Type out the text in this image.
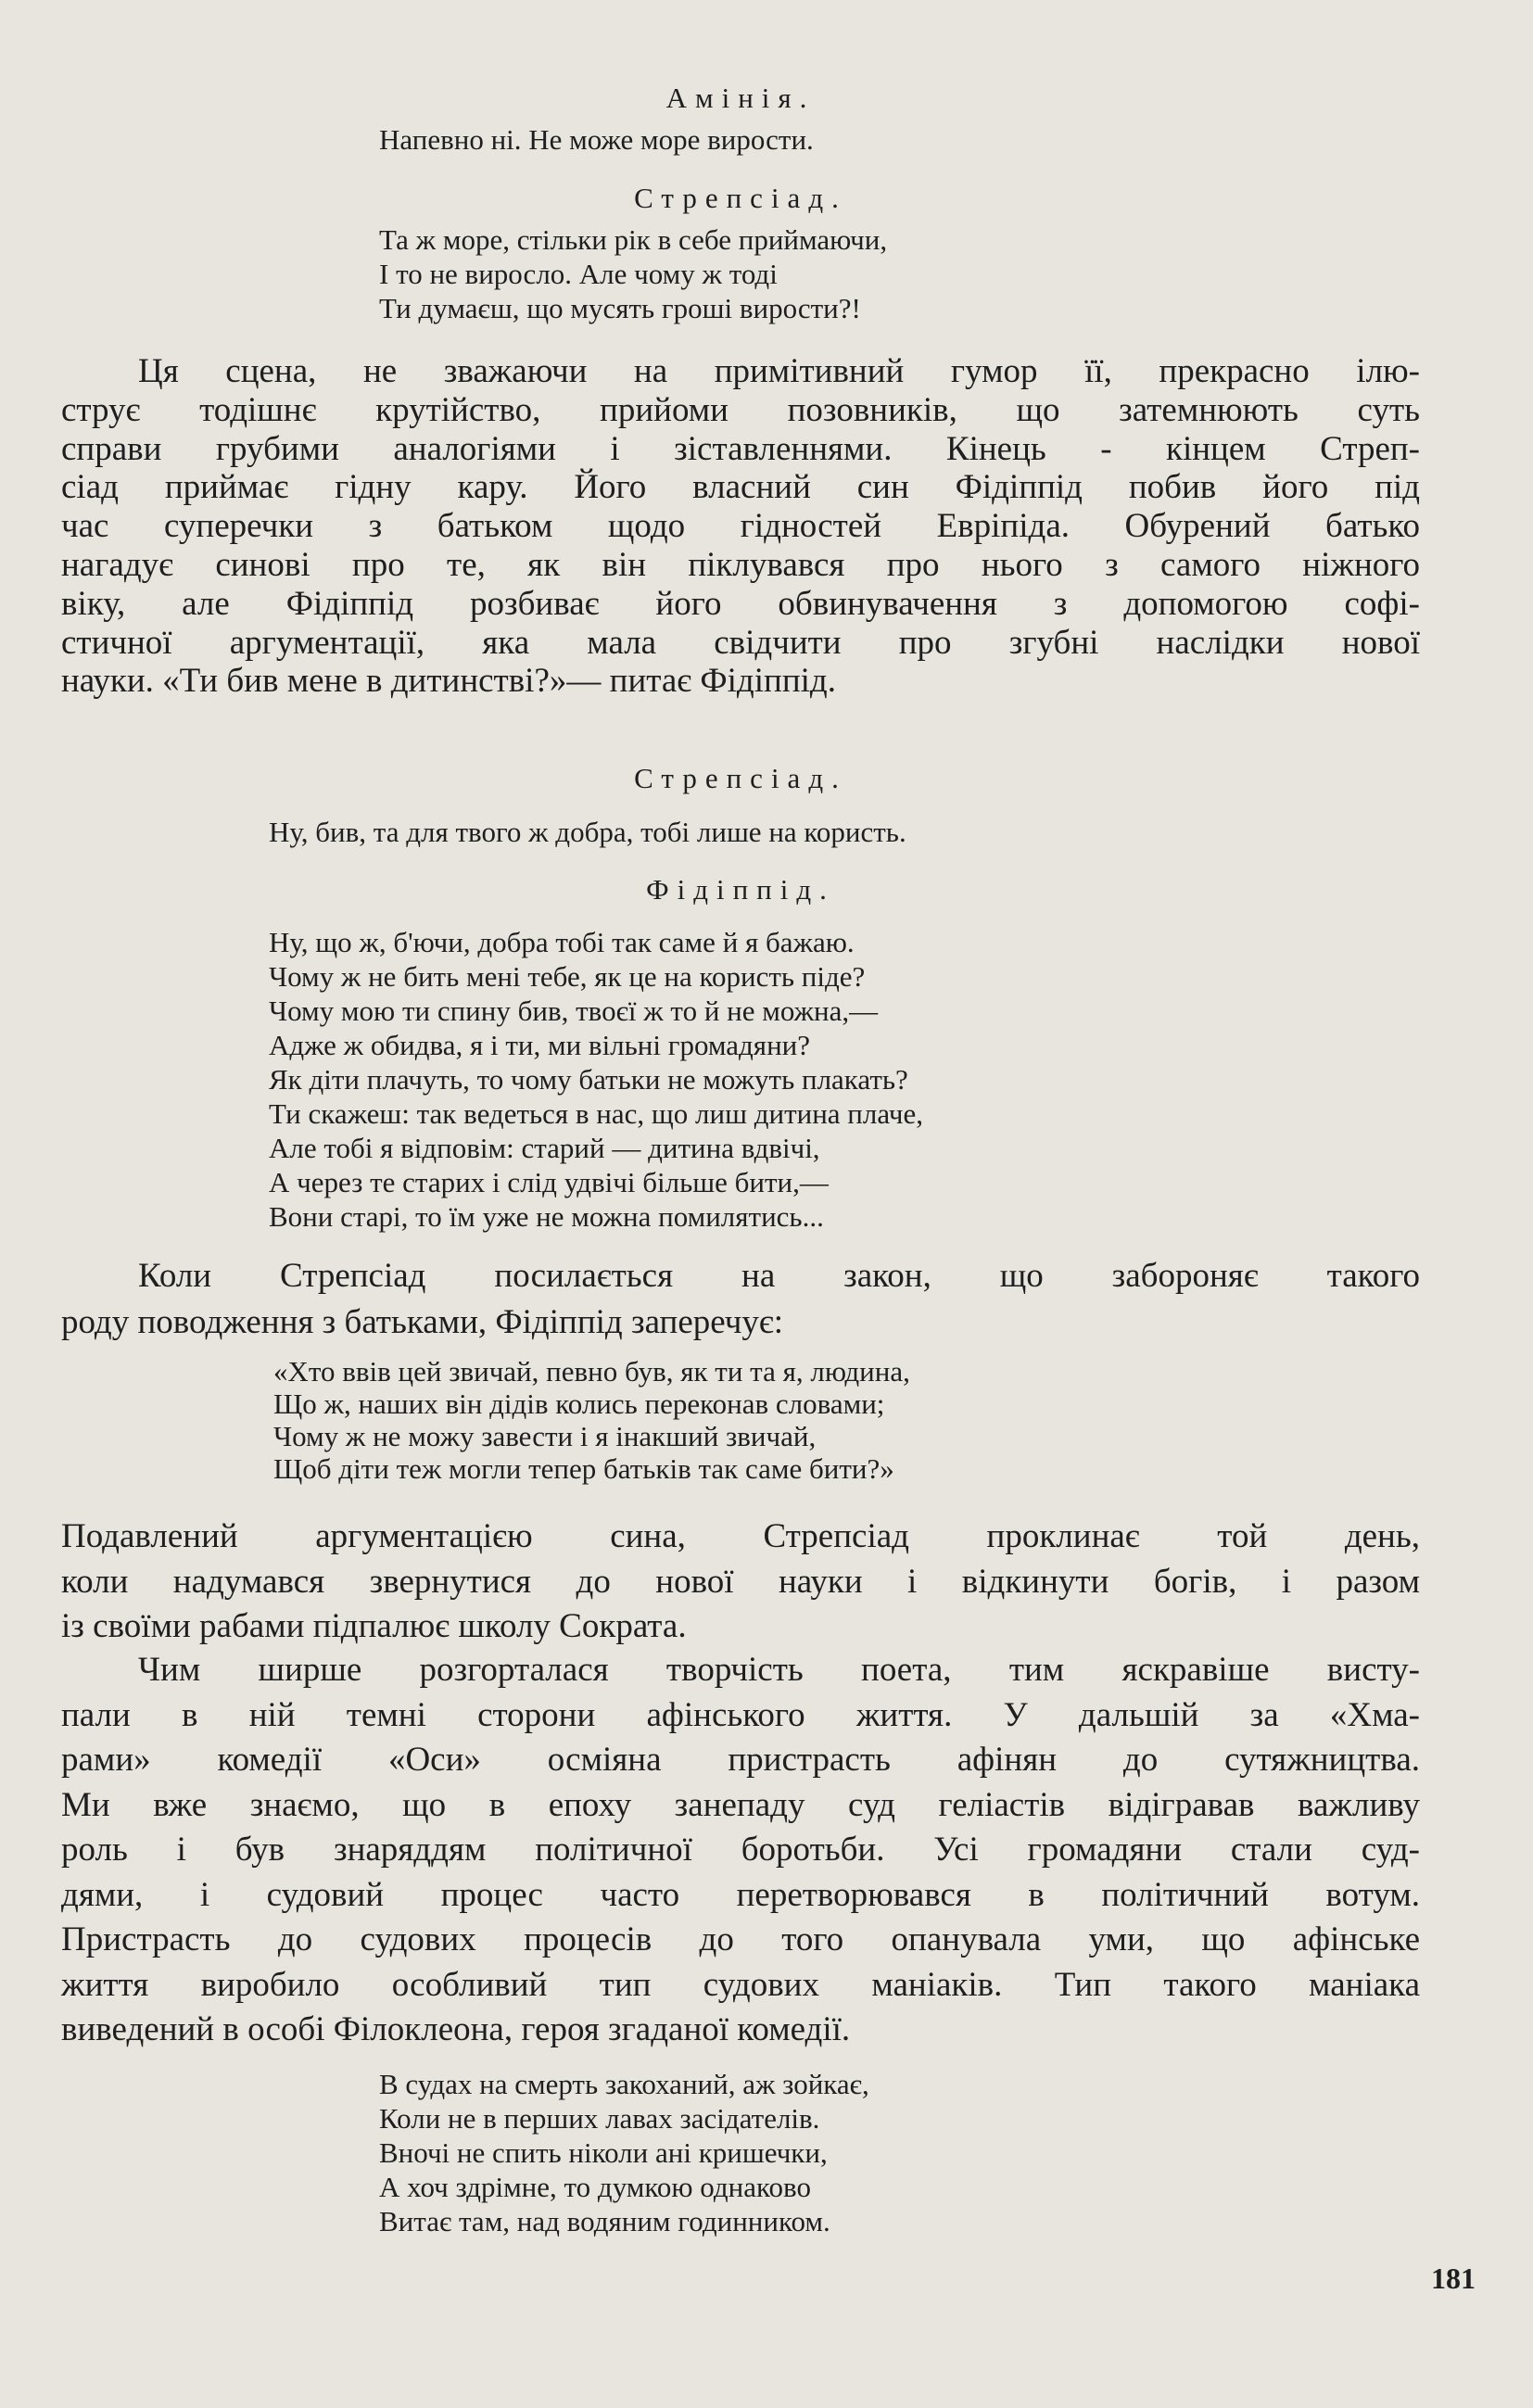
Амінія.
Напевно ні. Не може море вирости.
Стрепсіад.
Та ж море, стільки рік в себе приймаючи,
І то не виросло. Але чому ж тоді
Ти думаєш, що мусять гроші вирости?!
Ця сцена, не зважаючи на примітивний гумор її, прекрасно ілю-
струє тодішнє крутійство, прийоми позовників, що затемнюють суть
справи грубими аналогіями і зіставленнями. Кінець - кінцем Стреп-
сіад приймає гідну кару. Його власний син Фідіппід побив його під
час суперечки з батьком щодо гідностей Евріпіда. Обурений батько
нагадує синові про те, як він піклувався про нього з самого ніжного
віку, але Фідіппід розбиває його обвинувачення з допомогою софі-
стичної аргументації, яка мала свідчити про згубні наслідки нової
науки. «Ти бив мене в дитинстві?»— питає Фідіппід.
Стрепсіад.
Ну, бив, та для твого ж добра, тобі лише на користь.
Фідіппід.
Ну, що ж, б'ючи, добра тобі так саме й я бажаю.
Чому ж не бить мені тебе, як це на користь піде?
Чому мою ти спину бив, твоєї ж то й не можна,—
Адже ж обидва, я і ти, ми вільні громадяни?
Як діти плачуть, то чому батьки не можуть плакать?
Ти скажеш: так ведеться в нас, що лиш дитина плаче,
Але тобі я відповім: старий — дитина вдвічі,
А через те старих і слід удвічі більше бити,—
Вони старі, то їм уже не можна помилятись...
Коли Стрепсіад посилається на закон, що забороняє такого
роду поводження з батьками, Фідіппід заперечує:
«Хто ввів цей звичай, певно був, як ти та я, людина,
Що ж, наших він дідів колись переконав словами;
Чому ж не можу завести і я інакший звичай,
Щоб діти теж могли тепер батьків так саме бити?»
Подавлений аргументацією сина, Стрепсіад проклинає той день,
коли надумався звернутися до нової науки і відкинути богів, і разом
із своїми рабами підпалює школу Сократа.
Чим ширше розгорталася творчість поета, тим яскравіше висту-
пали в ній темні сторони афінського життя. У дальшій за «Хма-
рами» комедії «Оси» осміяна пристрасть афінян до сутяжництва.
Ми вже знаємо, що в епоху занепаду суд геліастів відігравав важливу
роль і був знаряддям політичної боротьби. Усі громадяни стали суд-
дями, і судовий процес часто перетворювався в політичний вотум.
Пристрасть до судових процесів до того опанувала уми, що афінське
життя виробило особливий тип судових маніаків. Тип такого маніака
виведений в особі Філоклеона, героя згаданої комедії.
В судах на смерть закоханий, аж зойкає,
Коли не в перших лавах засідателів.
Вночі не спить ніколи ані кришечки,
А хоч здрімне, то думкою однаково
Витає там, над водяним годинником.
181
